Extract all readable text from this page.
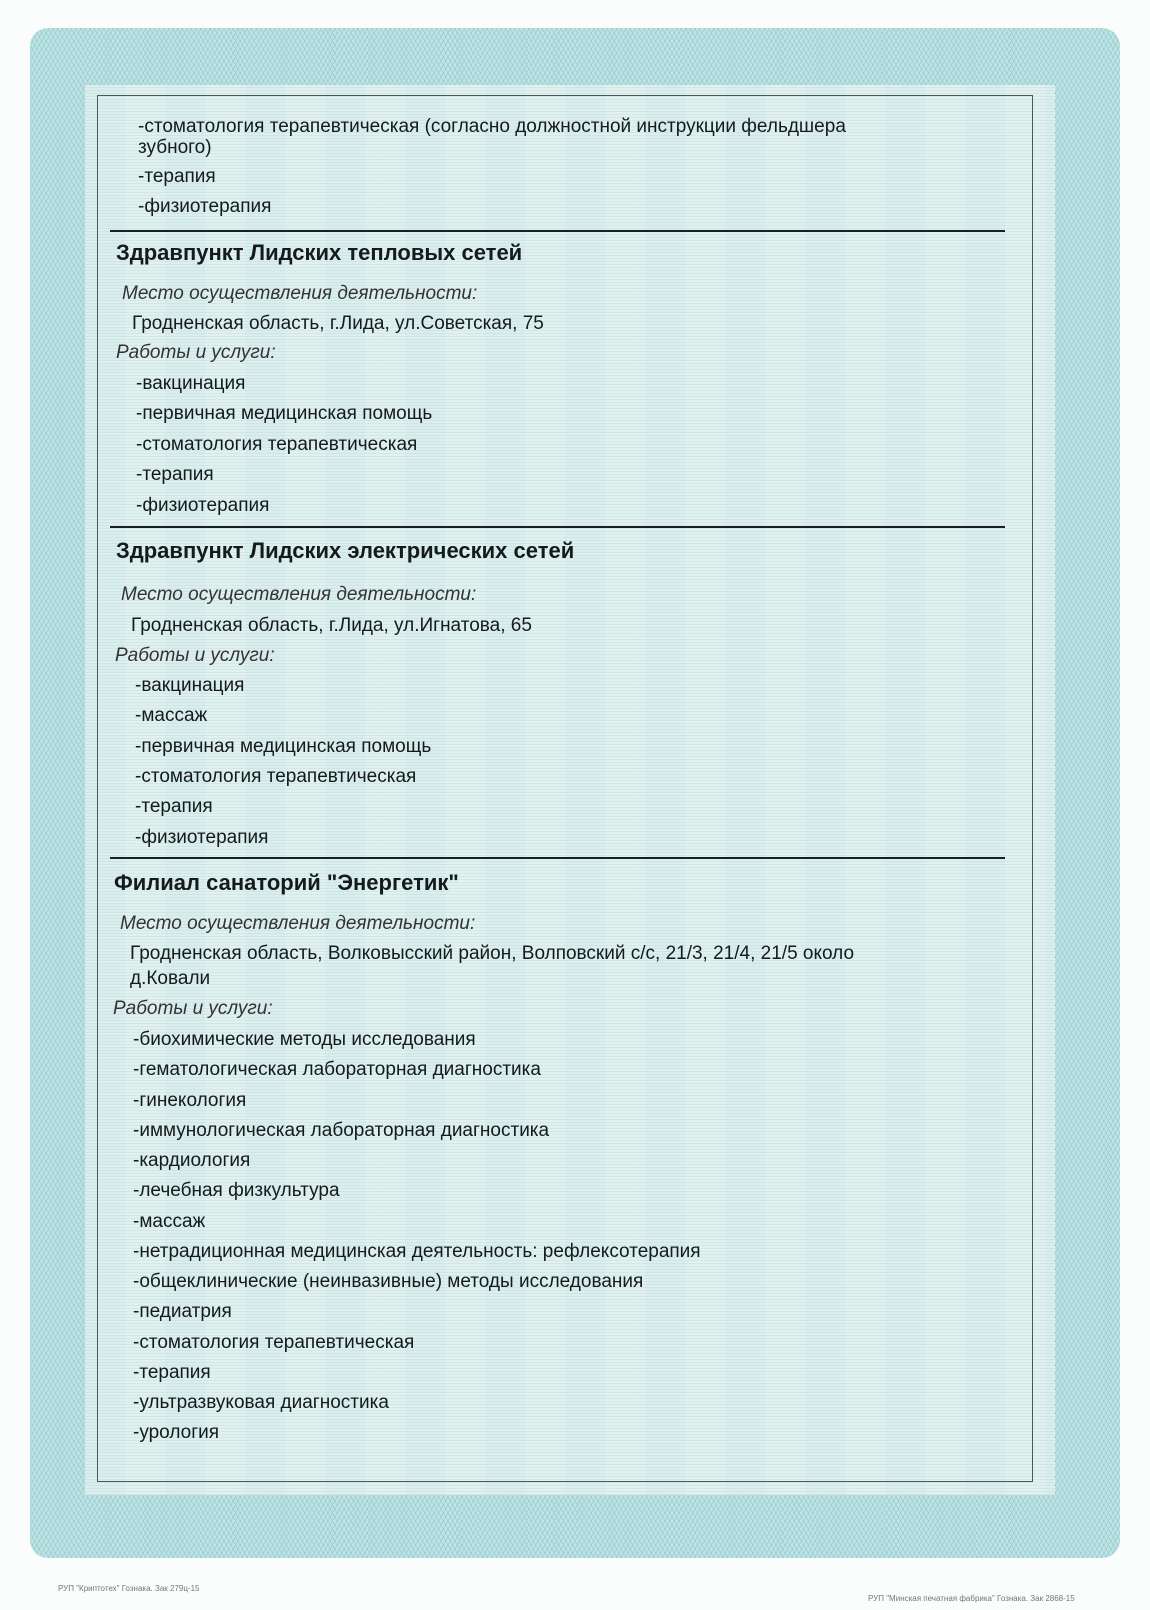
-стоматология терапевтическая (согласно должностной инструкции фельдшера
зубного)
-терапия
-физиотерапия
Здравпункт Лидских тепловых сетей
Место осуществления деятельности:
Гродненская область, г.Лида, ул.Советская, 75
Работы и услуги:
-вакцинация
-первичная медицинская помощь
-стоматология терапевтическая
-терапия
-физиотерапия
Здравпункт Лидских электрических сетей
Место осуществления деятельности:
Гродненская область, г.Лида, ул.Игнатова, 65
Работы и услуги:
-вакцинация
-массаж
-первичная медицинская помощь
-стоматология терапевтическая
-терапия
-физиотерапия
Филиал санаторий "Энергетик"
Место осуществления деятельности:
Гродненская область, Волковысский район, Волповский с/с, 21/3, 21/4, 21/5 около
д.Ковали
Работы и услуги:
-биохимические методы исследования
-гематологическая лабораторная диагностика
-гинекология
-иммунологическая лабораторная диагностика
-кардиология
-лечебная физкультура
-массаж
-нетрадиционная медицинская деятельность: рефлексотерапия
-общеклинические (неинвазивные) методы исследования
-педиатрия
-стоматология терапевтическая
-терапия
-ультразвуковая диагностика
-урология
РУП "Криптотех" Гознака. Зак 279ц-15
РУП "Минская печатная фабрика" Гознака. Зак 2868-15
